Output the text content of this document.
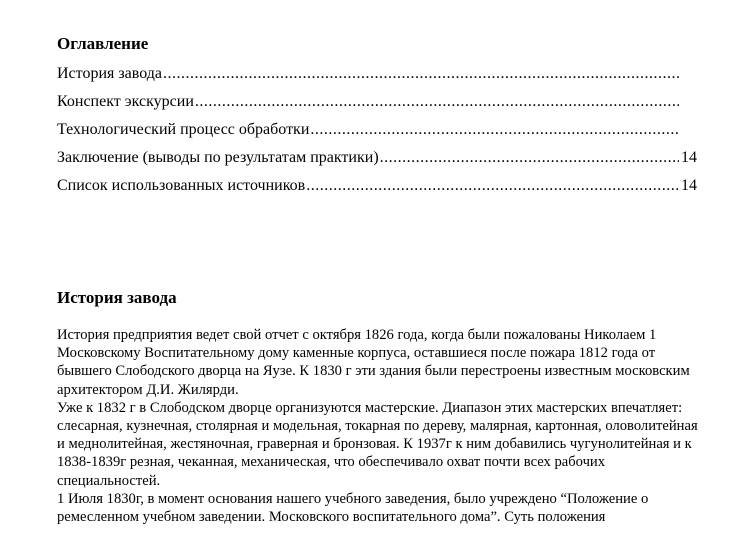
Оглавление
История завода
.....
Конспект экскурсии
.....
Технологический процесс обработки
.....
Заключение (выводы по результатам практики) .....	14
Список использованных источников .....	14
История завода

История предприятия ведет свой отчет с октября 1826 года, когда были пожалованы Николаем 1 Московскому Воспитательному дому каменные корпуса, оставшиеся после пожара 1812 года от бывшего Слободского дворца на Яузе. К 1830 г эти здания были перестроены известным московским архитектором Д.И. Жилярди.

Уже к 1832 г в Слободском дворце организуются мастерские. Диапазон этих мастерских впечатляет: слесарная, кузнечная, столярная и модельная, токарная по дереву, малярная, картонная, оловолитейная и меднолитейная, жестяночная, граверная и бронзовая. К 1937г к ним добавились чугунолитейная и к 1838-1839г резная, чеканная, механическая, что обеспечивало охват почти всех рабочих специальностей.

1 Июля 1830г, в момент основания нашего учебного заведения, было учреждено “Положение о ремесленном учебном заведении. Московского воспитательного дома”. Суть положения
